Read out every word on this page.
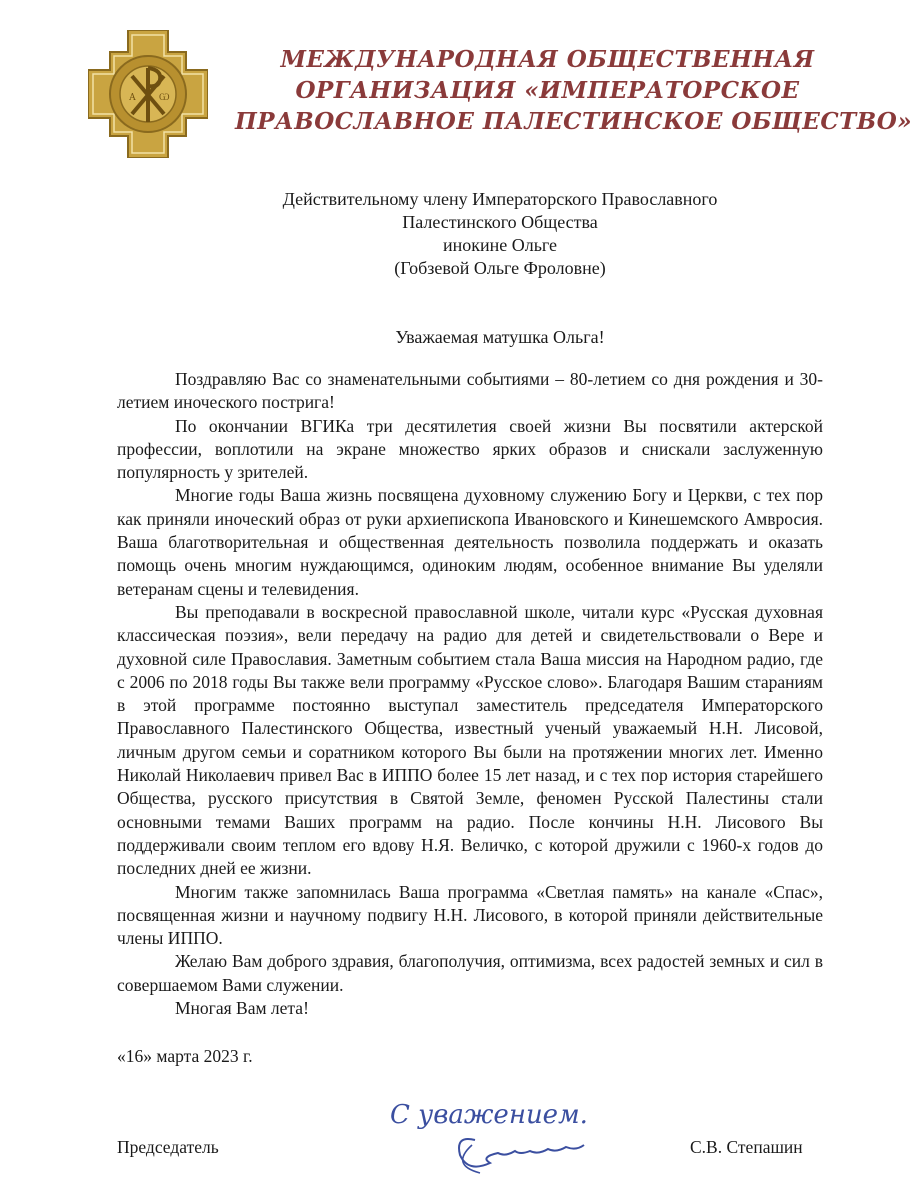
А	Ѡ
МЕЖДУНАРОДНАЯ ОБЩЕСТВЕННАЯ
ОРГАНИЗАЦИЯ «ИМПЕРАТОРСКОЕ
ПРАВОСЛАВНОЕ ПАЛЕСТИНСКОЕ ОБЩЕСТВО»
Действительному члену Императорского Православного
Палестинского Общества
инокине Ольге
(Гобзевой Ольге Фроловне)
Уважаемая матушка Ольга!

Поздравляю Вас со знаменательными событиями – 80-летием со дня рождения и 30-летием иноческого пострига!

По окончании ВГИКа три десятилетия своей жизни Вы посвятили актерской профессии, воплотили на экране множество ярких образов и снискали заслуженную популярность у зрителей.

Многие годы Ваша жизнь посвящена духовному служению Богу и Церкви, с тех пор как приняли иноческий образ от руки архиепископа Ивановского и Кинешемского Амвросия. Ваша благотворительная и общественная деятельность позволила поддержать и оказать помощь очень многим нуждающимся, одиноким людям, особенное внимание Вы уделяли ветеранам сцены и телевидения.

Вы преподавали в воскресной православной школе, читали курс «Русская духовная классическая поэзия», вели передачу на радио для детей и свидетельствовали о Вере и духовной силе Православия. Заметным событием стала Ваша миссия на Народном радио, где с 2006 по 2018 годы Вы также вели программу «Русское слово». Благодаря Вашим стараниям в этой программе постоянно выступал заместитель председателя Императорского Православного Палестинского Общества, известный ученый уважаемый Н.Н. Лисовой, личным другом семьи и соратником которого Вы были на протяжении многих лет. Именно Николай Николаевич привел Вас в ИППО более 15 лет назад, и с тех пор история старейшего Общества, русского присутствия в Святой Земле, феномен Русской Палестины стали основными темами Ваших программ на радио. После кончины Н.Н. Лисового Вы поддерживали своим теплом его вдову Н.Я. Величко, с которой дружили с 1960-х годов до последних дней ее жизни.

Многим также запомнилась Ваша программа «Светлая память» на канале «Спас», посвященная жизни и научному подвигу Н.Н. Лисового, в которой приняли действительные члены ИППО.

Желаю Вам доброго здравия, благополучия, оптимизма, всех радостей земных и сил в совершаемом Вами служении.

Многая Вам лета!

«16» марта 2023 г.
С уважением.
Председатель	С.В. Степашин
